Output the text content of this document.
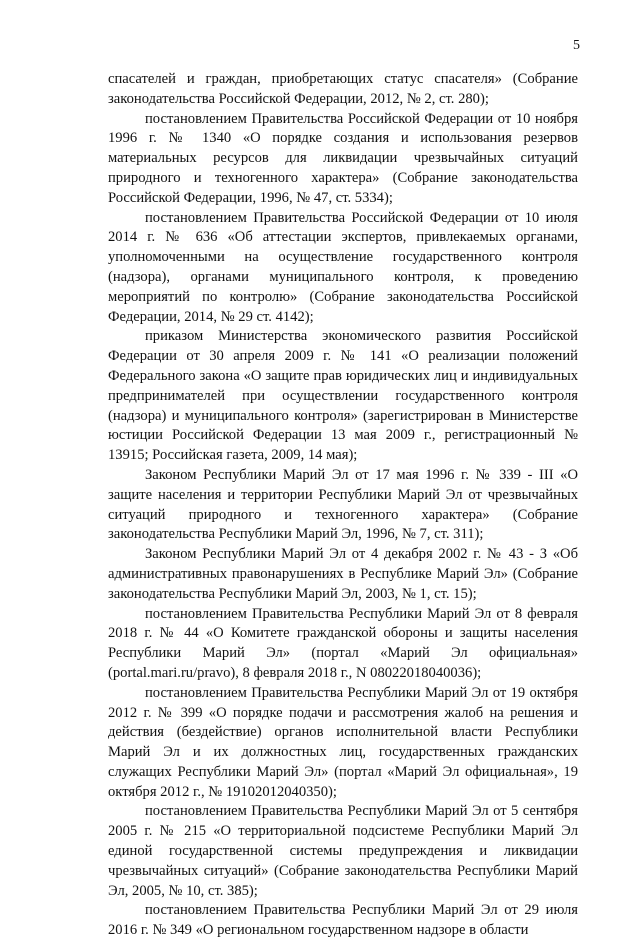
5

спасателей и граждан, приобретающих статус спасателя» (Собрание законодательства Российской Федерации, 2012, № 2, ст. 280);

постановлением Правительства Российской Федерации от 10 ноября 1996 г. № 1340 «О порядке создания и использования резервов материальных ресурсов для ликвидации чрезвычайных ситуаций природного и техногенного характера» (Собрание законодательства Российской Федерации, 1996, № 47, ст. 5334);

постановлением Правительства Российской Федерации от 10 июля 2014 г. № 636 «Об аттестации экспертов, привлекаемых органами, уполномоченными на осуществление государственного контроля (надзора), органами муниципального контроля, к проведению мероприятий по контролю» (Собрание законодательства Российской Федерации, 2014, № 29 ст. 4142);

приказом Министерства экономического развития Российской Федерации от 30 апреля 2009 г. № 141 «О реализации положений Федерального закона «О защите прав юридических лиц и индивидуальных предпринимателей при осуществлении государственного контроля (надзора) и муниципального контроля» (зарегистрирован в Министерстве юстиции Российской Федерации 13 мая 2009 г., регистрационный № 13915; Российская газета, 2009, 14 мая);

Законом Республики Марий Эл от 17 мая 1996 г. № 339 - III «О защите населения и территории Республики Марий Эл от чрезвычайных ситуаций природного и техногенного характера» (Собрание законодательства Республики Марий Эл, 1996, № 7, ст. 311);

Законом Республики Марий Эл от 4 декабря 2002 г. № 43 - З «Об административных правонарушениях в Республике Марий Эл» (Собрание законодательства Республики Марий Эл, 2003, № 1, ст. 15);

постановлением Правительства Республики Марий Эл от 8 февраля 2018 г. № 44 «О Комитете гражданской обороны и защиты населения Республики Марий Эл» (портал «Марий Эл официальная» (portal.mari.ru/pravo), 8 февраля 2018 г., N 08022018040036);

постановлением Правительства Республики Марий Эл от 19 октября 2012 г. № 399 «О порядке подачи и рассмотрения жалоб на решения и действия (бездействие) органов исполнительной власти Республики Марий Эл и их должностных лиц, государственных гражданских служащих Республики Марий Эл» (портал «Марий Эл официальная», 19 октября 2012 г., № 19102012040350);

постановлением Правительства Республики Марий Эл от 5 сентября 2005 г. № 215 «О территориальной подсистеме Республики Марий Эл единой государственной системы предупреждения и ликвидации чрезвычайных ситуаций» (Собрание законодательства Республики Марий Эл, 2005, № 10, ст. 385);

постановлением Правительства Республики Марий Эл от 29 июля 2016 г. № 349 «О региональном государственном надзоре в области
